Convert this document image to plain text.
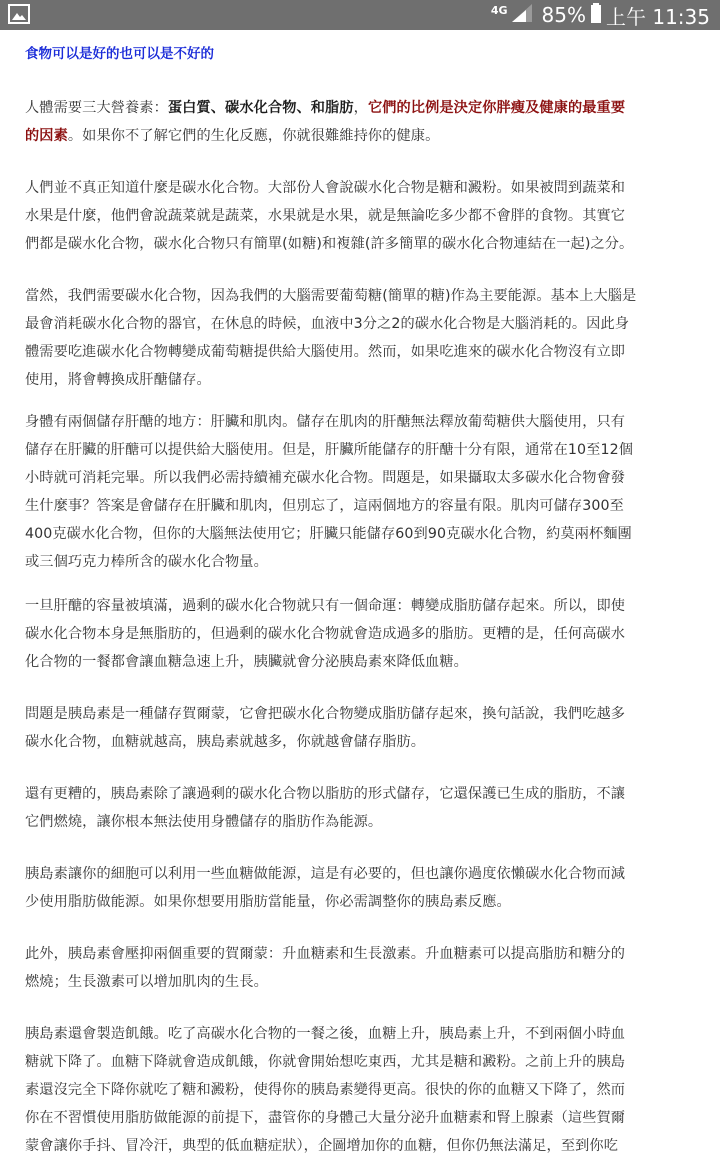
4G 85% 上午 11:35
食物可以是好的也可以是不好的
人體需要三大營養素：蛋白質、碳水化合物、和脂肪，它們的比例是決定你胖瘦及健康的最重要
的因素。如果你不了解它們的生化反應，你就很難維持你的健康。
人們並不真正知道什麼是碳水化合物。大部份人會說碳水化合物是糖和澱粉。如果被問到蔬菜和
水果是什麼，他們會說蔬菜就是蔬菜，水果就是水果，就是無論吃多少都不會胖的食物。其實它
們都是碳水化合物，碳水化合物只有簡單(如糖)和複雜(許多簡單的碳水化合物連結在一起)之分。
當然，我們需要碳水化合物，因為我們的大腦需要葡萄糖(簡單的糖)作為主要能源。基本上大腦是
最會消耗碳水化合物的器官，在休息的時候，血液中3分之2的碳水化合物是大腦消耗的。因此身
體需要吃進碳水化合物轉變成葡萄糖提供給大腦使用。然而，如果吃進來的碳水化合物沒有立即
使用，將會轉換成肝醣儲存。
身體有兩個儲存肝醣的地方：肝臟和肌肉。儲存在肌肉的肝醣無法釋放葡萄糖供大腦使用，只有
儲存在肝臟的肝醣可以提供給大腦使用。但是，肝臟所能儲存的肝醣十分有限，通常在10至12個
小時就可消耗完畢。所以我們必需持續補充碳水化合物。問題是，如果攝取太多碳水化合物會發
生什麼事？答案是會儲存在肝臟和肌肉，但別忘了，這兩個地方的容量有限。肌肉可儲存300至
400克碳水化合物，但你的大腦無法使用它；肝臟只能儲存60到90克碳水化合物，約莫兩杯麵團
或三個巧克力棒所含的碳水化合物量。
一旦肝醣的容量被填滿，過剩的碳水化合物就只有一個命運：轉變成脂肪儲存起來。所以，即使
碳水化合物本身是無脂肪的，但過剩的碳水化合物就會造成過多的脂肪。更糟的是，任何高碳水
化合物的一餐都會讓血糖急速上升，胰臟就會分泌胰島素來降低血糖。
問題是胰島素是一種儲存賀爾蒙，它會把碳水化合物變成脂肪儲存起來，換句話說，我們吃越多
碳水化合物，血糖就越高，胰島素就越多，你就越會儲存脂肪。
還有更糟的，胰島素除了讓過剩的碳水化合物以脂肪的形式儲存，它還保護已生成的脂肪，不讓
它們燃燒，讓你根本無法使用身體儲存的脂肪作為能源。
胰島素讓你的細胞可以利用一些血糖做能源，這是有必要的，但也讓你過度依懶碳水化合物而減
少使用脂肪做能源。如果你想要用脂肪當能量，你必需調整你的胰島素反應。
此外，胰島素會壓抑兩個重要的賀爾蒙：升血糖素和生長激素。升血糖素可以提高脂肪和糖分的
燃燒；生長激素可以增加肌肉的生長。
胰島素還會製造飢餓。吃了高碳水化合物的一餐之後，血糖上升，胰島素上升，不到兩個小時血
糖就下降了。血糖下降就會造成飢餓，你就會開始想吃東西，尤其是糖和澱粉。之前上升的胰島
素還沒完全下降你就吃了糖和澱粉，使得你的胰島素變得更高。很快的你的血糖又下降了，然而
你在不習慣使用脂肪做能源的前提下，盡管你的身體己大量分泌升血糖素和腎上腺素（這些賀爾
蒙會讓你手抖、冒冷汗，典型的低血糖症狀），企圖增加你的血糖，但你仍無法滿足，至到你吃
